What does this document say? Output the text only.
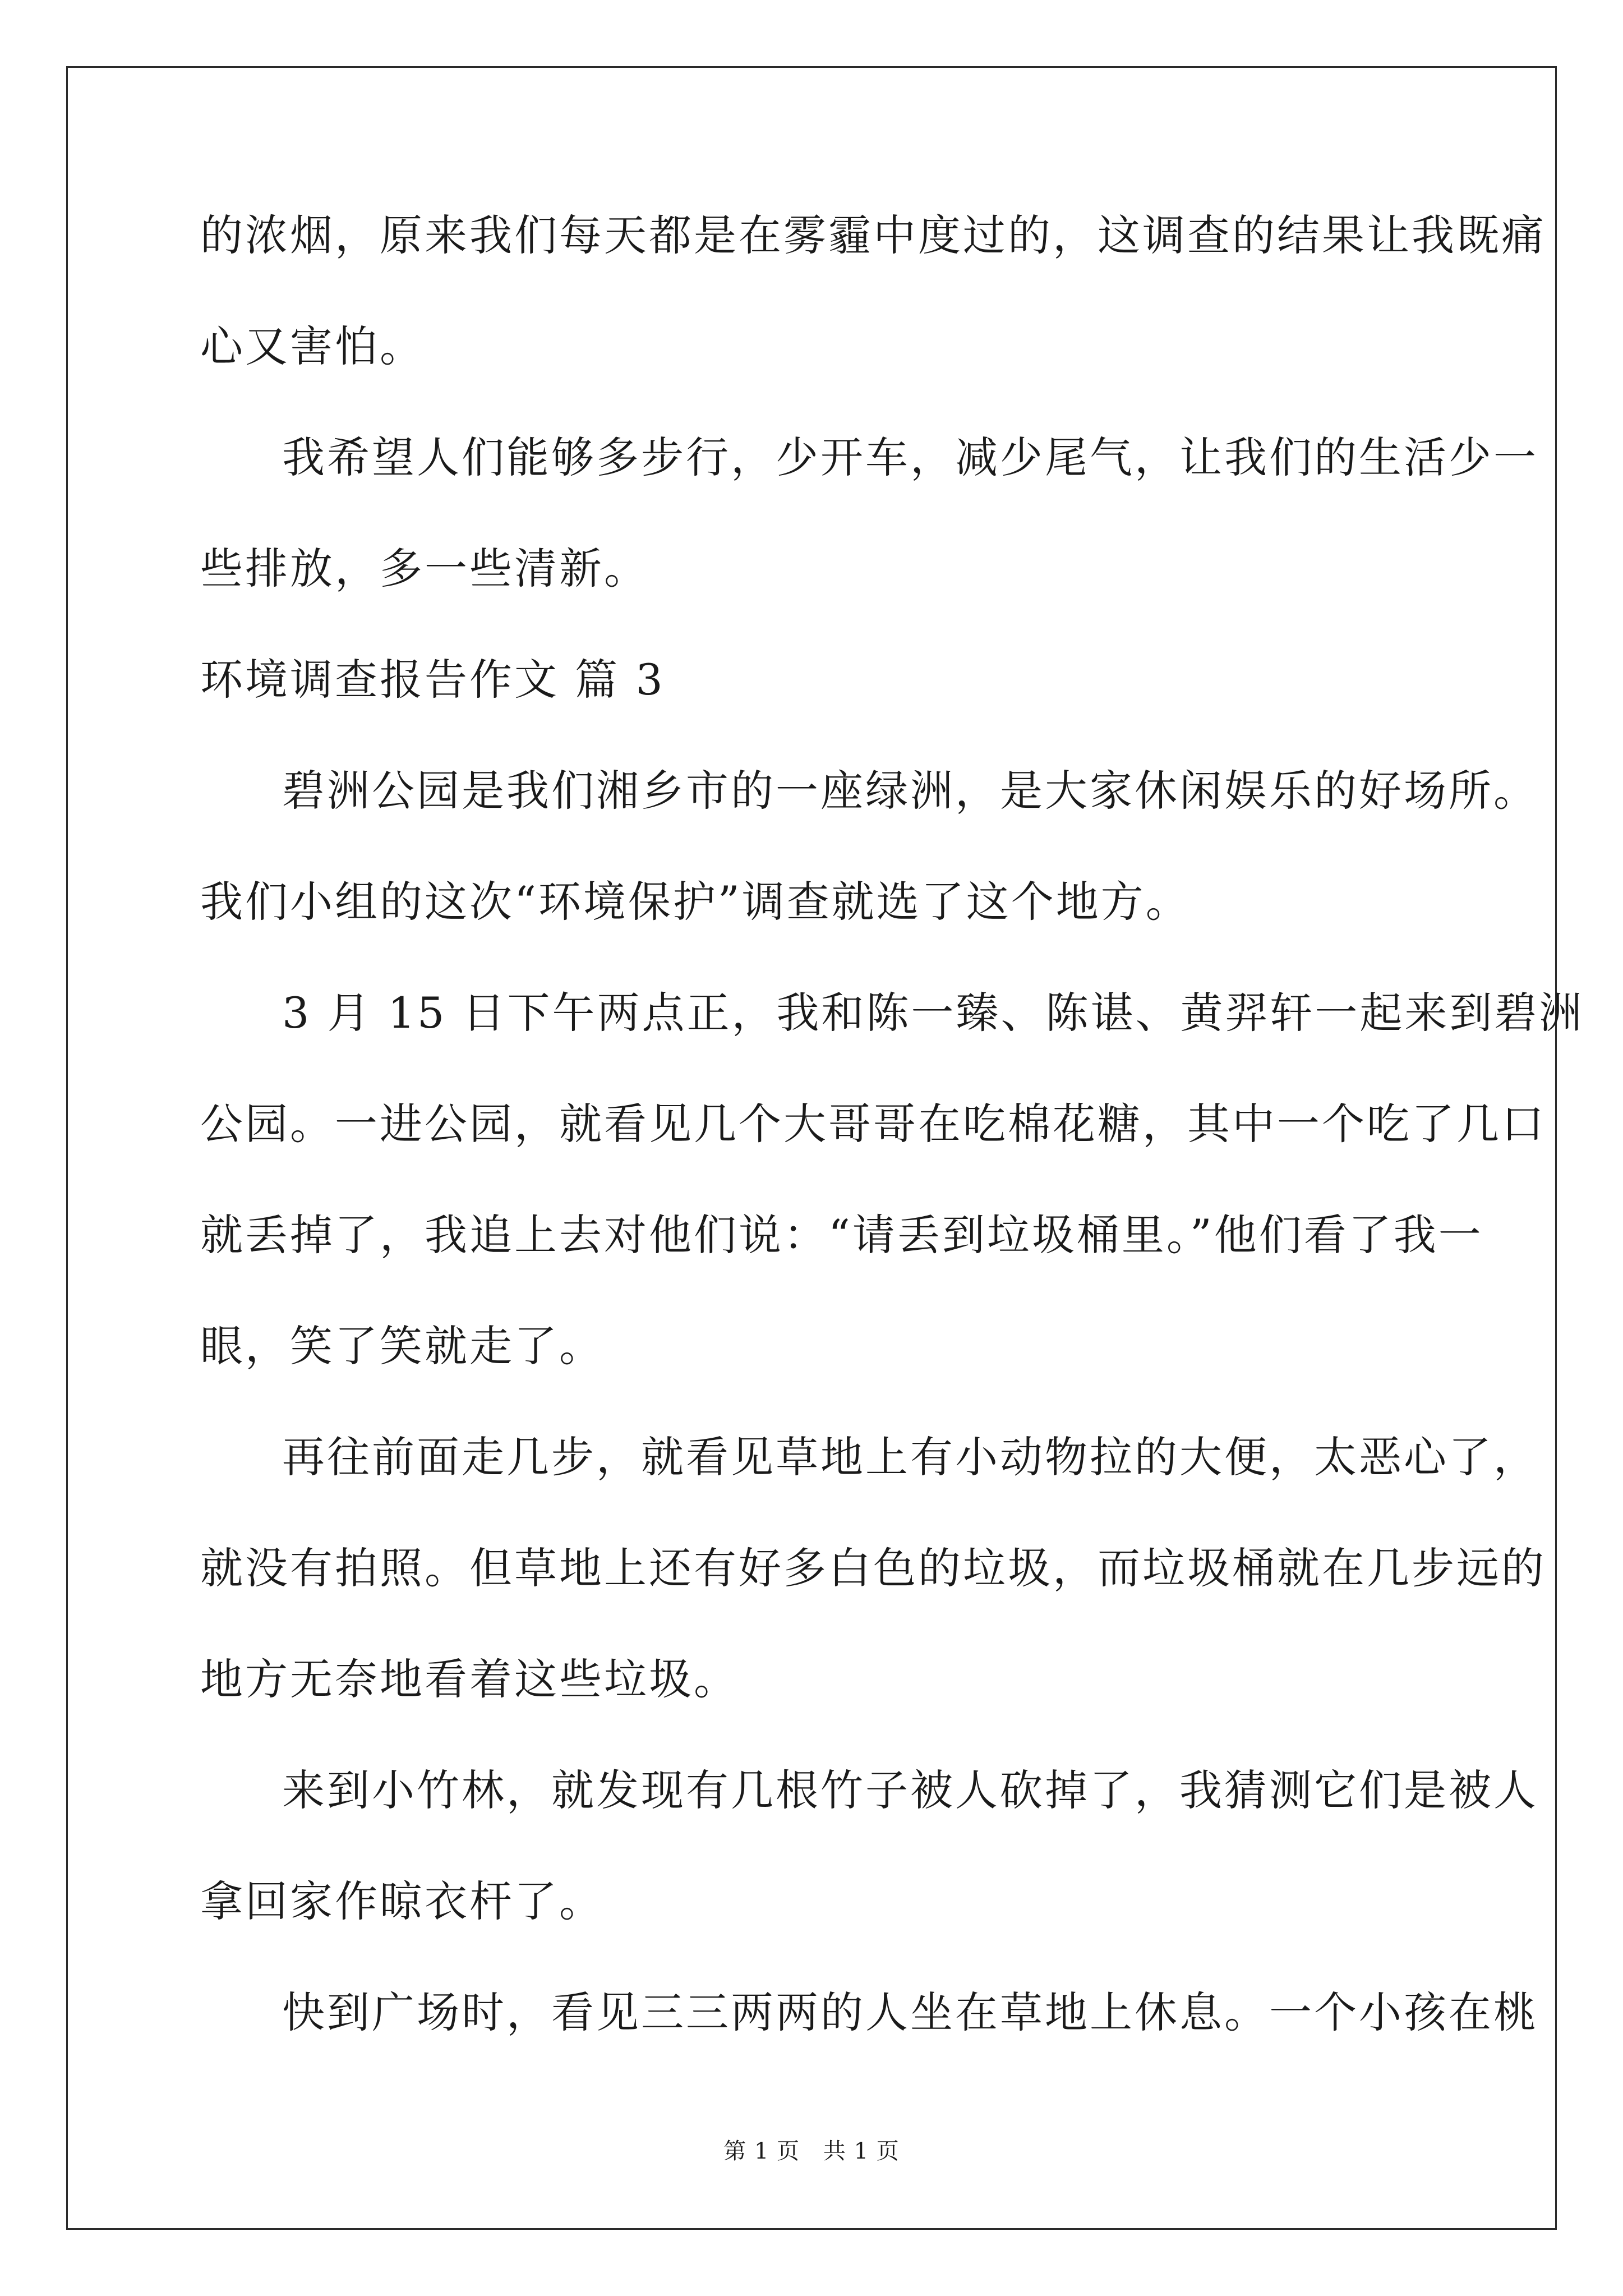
的浓烟，原来我们每天都是在雾霾中度过的，这调查的结果让我既痛
心又害怕。
我希望人们能够多步行，少开车，减少尾气，让我们的生活少一
些排放，多一些清新。
环境调查报告作文 篇 3
碧洲公园是我们湘乡市的一座绿洲，是大家休闲娱乐的好场所。
我们小组的这次“环境保护”调查就选了这个地方。
3 月 15 日下午两点正，我和陈一臻、陈谌、黄羿轩一起来到碧洲
公园。一进公园，就看见几个大哥哥在吃棉花糖，其中一个吃了几口
就丢掉了，我追上去对他们说：“请丢到垃圾桶里。”他们看了我一
眼，笑了笑就走了。
再往前面走几步，就看见草地上有小动物拉的大便，太恶心了，
就没有拍照。但草地上还有好多白色的垃圾，而垃圾桶就在几步远的
地方无奈地看着这些垃圾。
来到小竹林，就发现有几根竹子被人砍掉了，我猜测它们是被人
拿回家作晾衣杆了。
快到广场时，看见三三两两的人坐在草地上休息。一个小孩在桃
第 1 页 共 1 页
